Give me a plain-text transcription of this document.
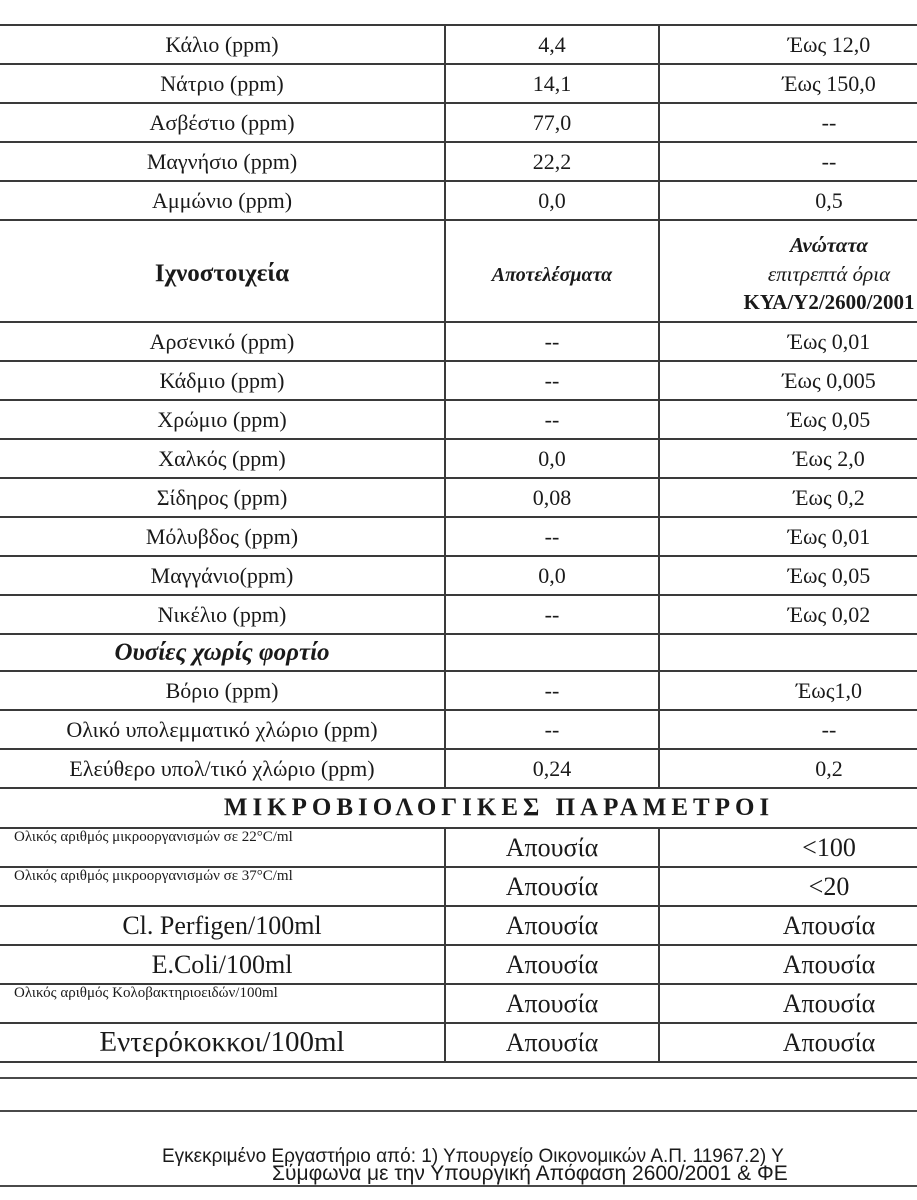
Κάλιο (ppm)	4,4	Έως 12,0
Νάτριο (ppm)	14,1	Έως 150,0
Ασβέστιο (ppm)	77,0	--
Μαγνήσιο (ppm)	22,2	--
Αμμώνιο (ppm)	0,0	0,5
Ιχνοστοιχεία	Αποτελέσματα	Ανώτατα
επιτρεπτά όρια
ΚΥΑ/Υ2/2600/2001

Αρσενικό (ppm)	--	Έως 0,01
Κάδμιο (ppm)	--	Έως 0,005
Χρώμιο (ppm)	--	Έως 0,05
Χαλκός (ppm)	0,0	Έως 2,0
Σίδηρος (ppm)	0,08	Έως 0,2
Μόλυβδος (ppm)	--	Έως 0,01
Μαγγάνιο(ppm)	0,0	Έως 0,05
Νικέλιο (ppm)	--	Έως 0,02
Ουσίες χωρίς φορτίο		
Βόριο (ppm)	--	Έως1,0
Ολικό υπολεμματικό χλώριο (ppm)	--	--
Ελεύθερο υπολ/τικό χλώριο (ppm)	0,24	0,2
ΜΙΚΡΟΒΙΟΛΟΓΙΚΕΣ ΠΑΡΑΜΕΤΡΟΙ		
Ολικός αριθμός μικροοργανισμών σε 22°C/ml	Απουσία	<100
Ολικός αριθμός μικροοργανισμών σε 37°C/ml	Απουσία	<20
Cl. Perfigen/100ml	Απουσία	Απουσία
E.Coli/100ml	Απουσία	Απουσία
Ολικός αριθμός Κολοβακτηριοειδών/100ml	Απουσία	Απουσία
Εντερόκοκκοι/100ml	Απουσία	Απουσία
Εγκεκριμένο Εργαστήριο από: 1) Υπουργείο Οικονομικών Α.Π. 11967.2) Υ
Σύμφωνα με την Υπουργική Απόφαση 2600/2001 & ΦΕ
